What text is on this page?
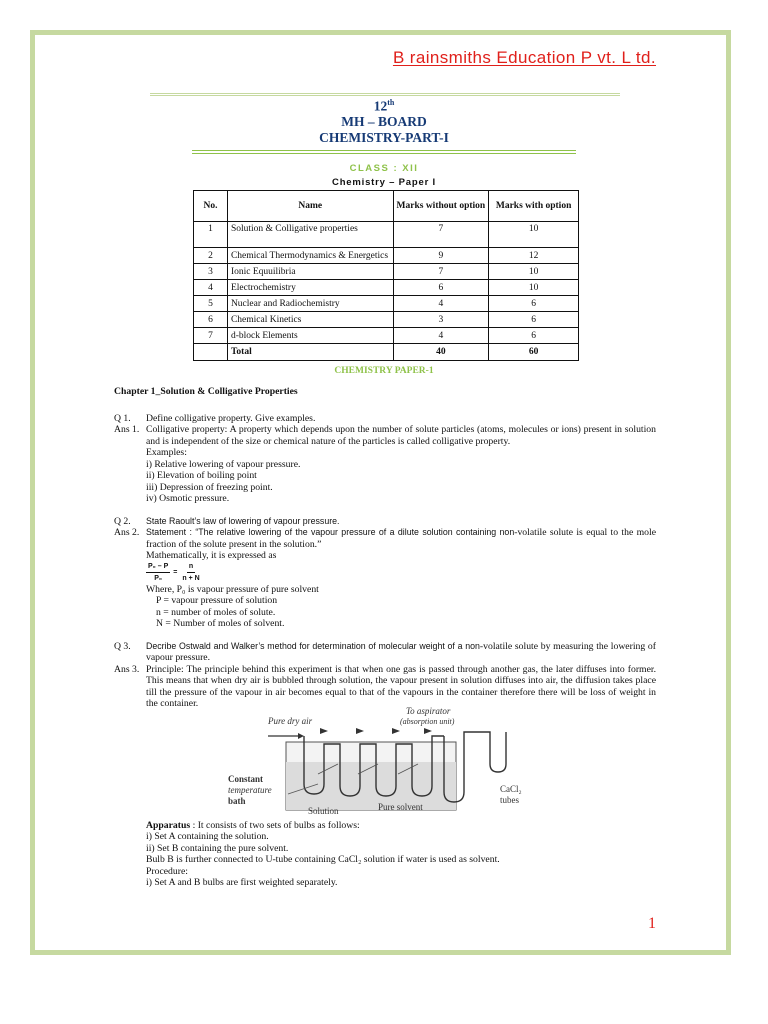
B rainsmiths Education P vt. L td.
12th
MH – BOARD
CHEMISTRY-PART-I
CLASS : XII
Chemistry – Paper I
No.	Name	Marks without option	Marks with option
1	Solution & Colligative properties	7	10
2	Chemical Thermodynamics & Energetics	9	12
3	Ionic Equuilibria	7	10
4	Electrochemistry	6	10
5	Nuclear and Radiochemistry	4	6
6	Chemical Kinetics	3	6
7	d-block Elements	4	6
	Total	40	60
CHEMISTRY PAPER-1
Chapter 1_Solution & Colligative Properties
Q 1.	Define colligative property. Give examples.
Ans 1. Colligative property: A property which depends upon the number of solute particles (atoms, molecules or ions) present in solution and is independent of the size or chemical nature of the particles is called colligative property.
Examples:
i) Relative lowering of vapour pressure.
ii) Elevation of boiling point
iii) Depression of freezing point.
iv) Osmotic pressure.
Q 2.	State Raoult’s law of lowering of vapour pressure.
Ans 2. Statement : “The relative lowering of the vapour pressure of a dilute solution containing non-volatile solute is equal to the mole fraction of the solute present in the solution.”
Mathematically, it is expressed as
$\frac{\text{P₀ – P}}{\text{P₀}} = \frac{n}{n + N}$
Where, P₀ is vapour pressure of pure solvent
P = vapour pressure of solution
n = number of moles of solute.
N = Number of moles of solvent.
Q 3.	Decribe Ostwald and Walker’s method for determination of molecular weight of a non-volatile solute by measuring the lowering of vapour pressure.
Ans 3. Principle: The principle behind this experiment is that when one gas is passed through another gas, the later diffuses into former. This means that when dry air is bubbled through solution, the vapour present in solution diffuses into air, the diffusion takes place till the pressure of the vapour in air becomes equal to that of the vapours in the container therefore there will be loss of weight in the container.
Pure dry air
To aspirator
(absorption unit)
Constant
temperature
bath
Solution	Pure solvent
CaCl₂
tubes
Apparatus : It consists of two sets of bulbs as follows:
i) Set A containing the solution.
ii) Set B containing the pure solvent.
Bulb B is further connected to U-tube containing CaCl₂ solution if water is used as solvent.
Procedure:
i) Set A and B bulbs are first weighted separately.
1
